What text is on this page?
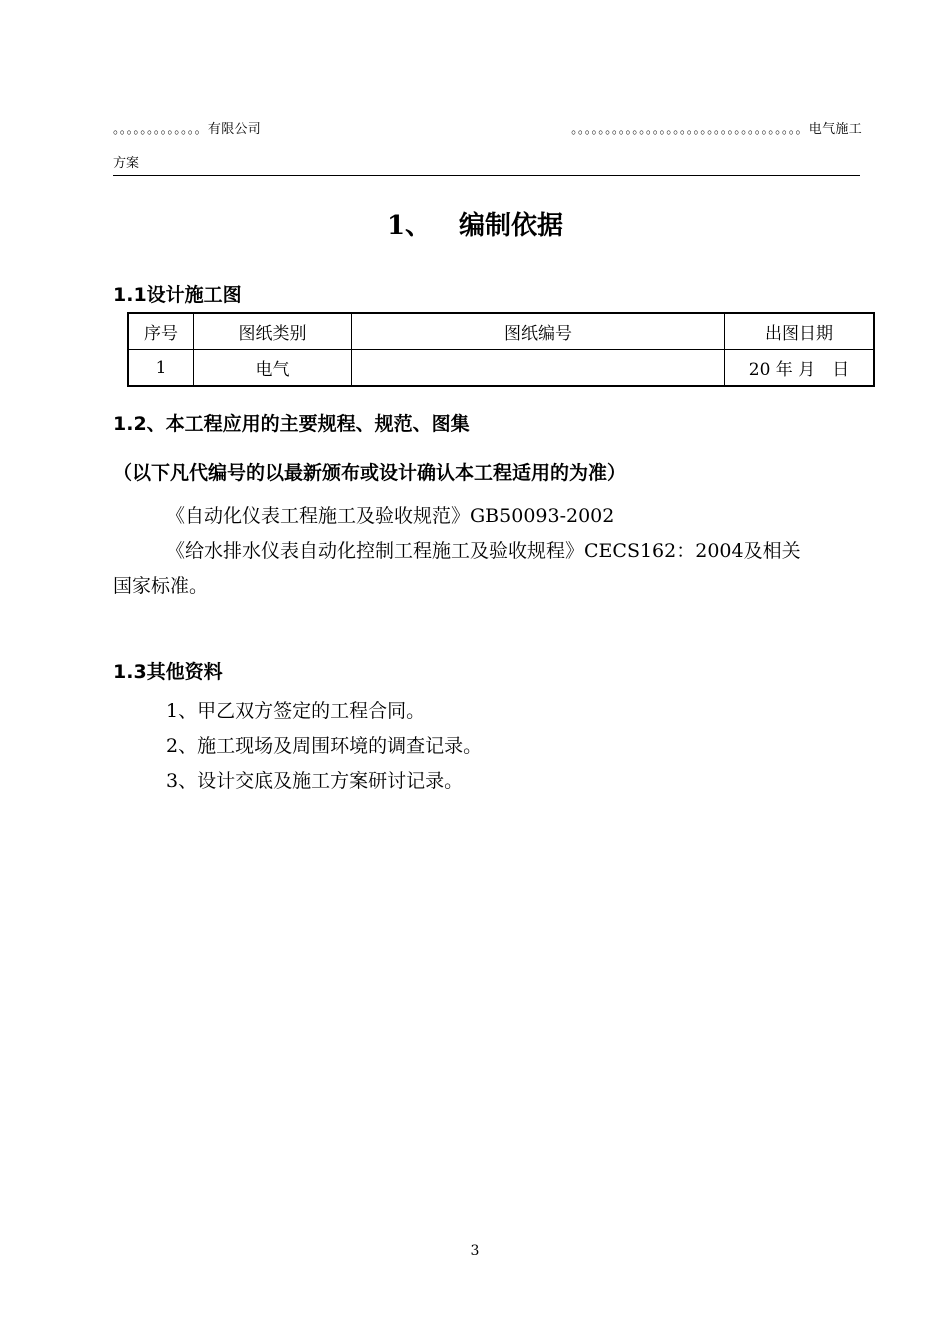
。。。。。。。。。。。。。有限公司	。。。。。。。。。。。。。。。。。。。。。。。。。。。。。。。。。。电气施工
方案
1、 编制依据
1.1设计施工图
序号	图纸类别	图纸编号	出图日期
1	电气		20 年 月　日
1.2、本工程应用的主要规程、规范、图集
（以下凡代编号的以最新颁布或设计确认本工程适用的为准）
《自动化仪表工程施工及验收规范》GB50093-2002
《给水排水仪表自动化控制工程施工及验收规程》CECS162：2004及相关
国家标准。
1.3其他资料
1、甲乙双方签定的工程合同。
2、施工现场及周围环境的调查记录。
3、设计交底及施工方案研讨记录。
3
